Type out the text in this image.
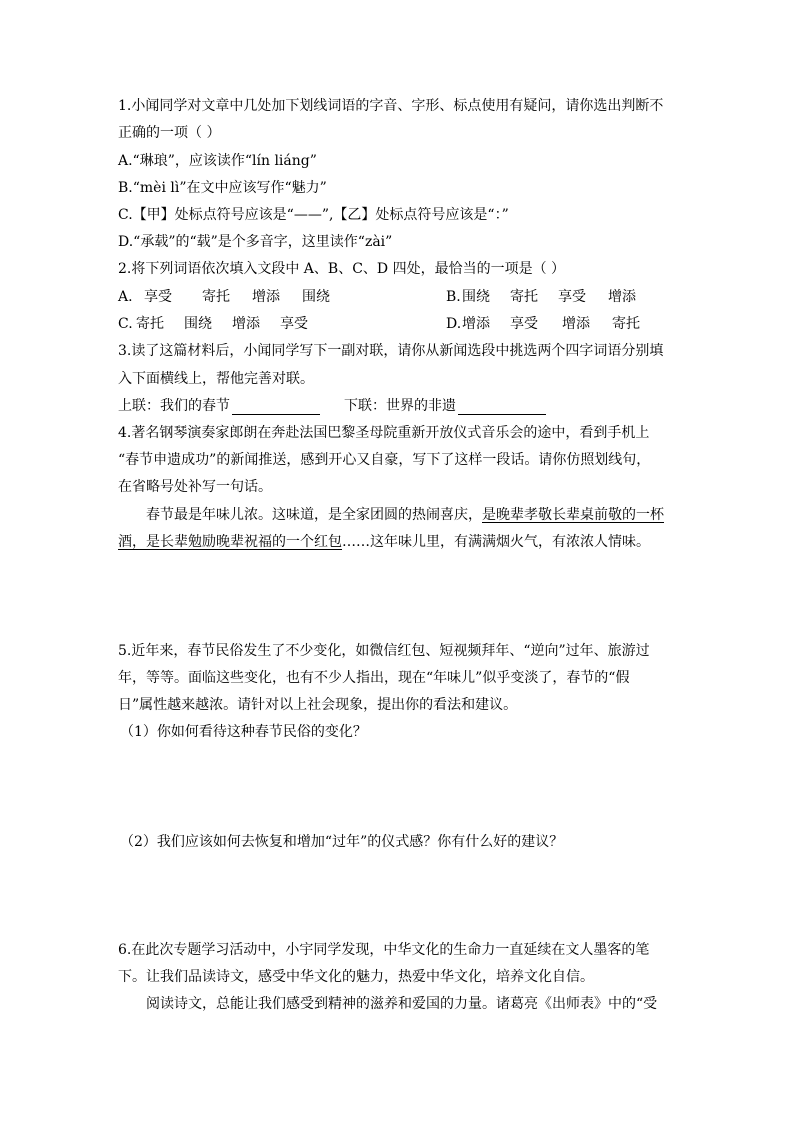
1.小闻同学对文章中几处加下划线词语的字音、字形、标点使用有疑问，请你选出判断不
正确的一项（ ）
A.“琳琅”，应该读作“lín liáng”
B.“mèi lì”在文中应该写作“魅力”
C.【甲】处标点符号应该是“——”,【乙】处标点符号应该是“：”
D.“承载”的“载”是个多音字，这里读作“zài”
2.将下列词语依次填入文段中 A、B、C、D 四处，最恰当的一项是（ ）
A. 享受 寄托 增添 围绕	B.围绕 寄托 享受 增添
C. 寄托 围绕 增添 享受	D.增添 享受 增添 寄托
3.读了这篇材料后，小闻同学写下一副对联，请你从新闻选段中挑选两个四字词语分别填
入下面横线上，帮他完善对联。
上联：我们的春节	下联：世界的非遗
4.著名钢琴演奏家郎朗在奔赴法国巴黎圣母院重新开放仪式音乐会的途中，看到手机上
“春节申遗成功”的新闻推送，感到开心又自豪，写下了这样一段话。请你仿照划线句，
在省略号处补写一句话。
春节最是年味儿浓。这味道，是全家团圆的热闹喜庆，是晚辈孝敬长辈桌前敬的一杯
酒，是长辈勉励晚辈祝福的一个红包……这年味儿里，有满满烟火气，有浓浓人情味。
5.近年来，春节民俗发生了不少变化，如微信红包、短视频拜年、“逆向”过年、旅游过
年，等等。面临这些变化，也有不少人指出，现在“年味儿”似乎变淡了，春节的“假
日”属性越来越浓。请针对以上社会现象，提出你的看法和建议。
（1）你如何看待这种春节民俗的变化？
（2）我们应该如何去恢复和增加“过年”的仪式感？你有什么好的建议？
6.在此次专题学习活动中，小宇同学发现，中华文化的生命力一直延续在文人墨客的笔
下。让我们品读诗文，感受中华文化的魅力，热爱中华文化，培养文化自信。
阅读诗文，总能让我们感受到精神的滋养和爱国的力量。诸葛亮《出师表》中的“受
